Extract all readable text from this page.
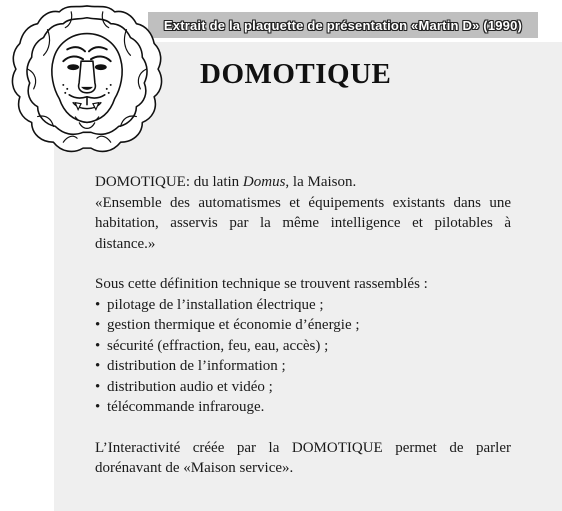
Extrait de la plaquette de présentation «Martin D» (1990)
DOMOTIQUE

DOMOTIQUE: du latin Domus, la Maison.

«Ensemble des automatismes et équipements existants dans une habitation, asservis par la même intelligence et pilotables à distance.»

Sous cette définition technique se trouvent rassemblés :

• pilotage de l’installation électrique ;
• gestion thermique et économie d’énergie ;
• sécurité (effraction, feu, eau, accès) ;
• distribution de l’information ;
• distribution audio et vidéo ;
• télécommande infrarouge.

L’Interactivité créée par la DOMOTIQUE permet de parler dorénavant de «Maison service».
